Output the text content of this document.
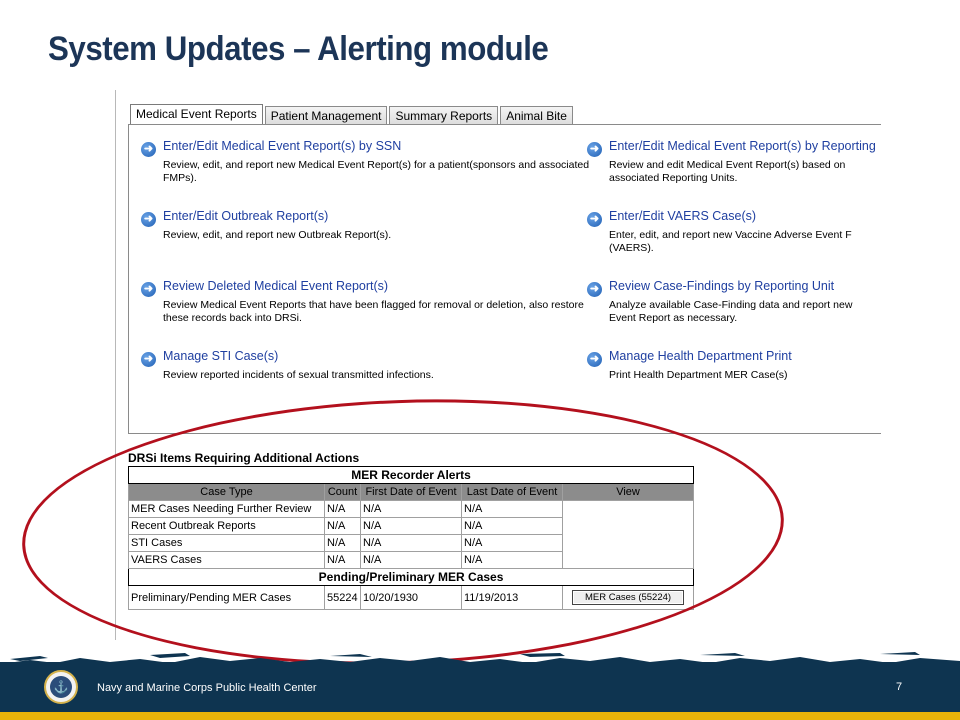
System Updates – Alerting module
Medical Event Reports	Patient Management	Summary Reports	Animal Bite
➜ Enter/Edit Medical Event Report(s) by SSN
Review, edit, and report new Medical Event Report(s) for a patient(sponsors and associated FMPs).
➜ Enter/Edit Medical Event Report(s) by Reporting
Review and edit Medical Event Report(s) based on associated Reporting Units.
➜ Enter/Edit Outbreak Report(s)
Review, edit, and report new Outbreak Report(s).
➜ Enter/Edit VAERS Case(s)
Enter, edit, and report new Vaccine Adverse Event F (VAERS).
➜ Review Deleted Medical Event Report(s)
Review Medical Event Reports that have been flagged for removal or deletion, also restore these records back into DRSi.
➜ Review Case-Findings by Reporting Unit
Analyze available Case-Finding data and report new Event Report as necessary.
➜ Manage STI Case(s)
Review reported incidents of sexual transmitted infections.
➜ Manage Health Department Print
Print Health Department MER Case(s)
DRSi Items Requiring Additional Actions
MER Recorder Alerts				
Case Type	Count	First Date of Event	Last Date of Event	View
MER Cases Needing Further Review	N/A	N/A	N/A	
Recent Outbreak Reports	N/A	N/A	N/A	
STI Cases	N/A	N/A	N/A	
VAERS Cases	N/A	N/A	N/A	
Pending/Preliminary MER Cases				
Preliminary/Pending MER Cases	55224	10/20/1930	11/19/2013	MER Cases (55224)
⚓	Navy and Marine Corps Public Health Center	7
